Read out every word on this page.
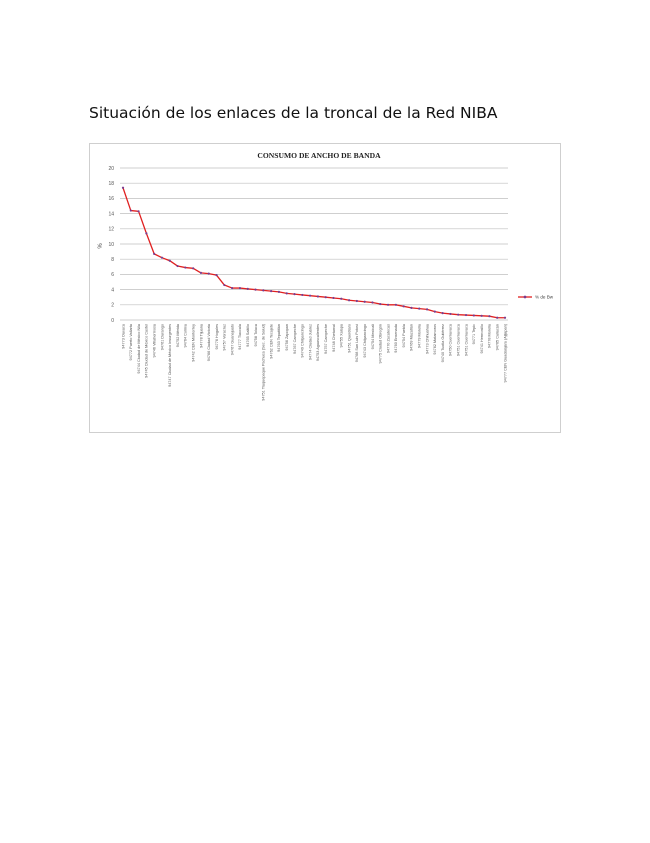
Situación de los enlaces de la troncal de la Red NIBA
CONSUMO DE ANCHO DE BANDA
0
2
4
6
8
10
12
14
16
18
20
%
94773 Oaxaca 94772 Puerto Vallarta 94744 Ciudad de México Nila 94745 Ciudad de México Castel 94746 Villahermosa 94761 Durango 94747 Ciudad de México Insurgentes 94752 Mérida 94764 Colima 94742 CEN Monterrey 94778 Tijuana 94766 Ciudad Victoria 94776 Hogales 94757 Veracruz 94767 Guanajuato 94777 Tlaxcala 94765 Saltillo 94758 Toluca 94751 Tlaquepaque Pachuca (Sec. de Salud) 94762 CEN Tecajete 94763 Tepatitlán 94756 Zapopan 94767 Campeche 94749 Chilpancingo 94774 Ciudad Juárez 94753 Aguascalientes 94757 Campeche 94748 Chetumal 94755 Xalapa 94751 Querétaro 94768 San Luis Potosí 94743 Chilpancingo 94754 Mexicali 94775 Ciudad Obregón 94770 Zacatecas 94760 Ensenada 94754 Puebla 94769 Mazatlán 94779 Morelia 94773 Chihuahua 94762 Matamoros 94740 Tuxtla Gutiérrez 94750 Cuernavaca 94751 Cuernavaca 94751 Cuernavaca 94771 Tepic 94741 Hermosillo 94778 Morelia 94765 Culiacán 94777 CEN Guadalajara (Ajijapan)
% de Bw
